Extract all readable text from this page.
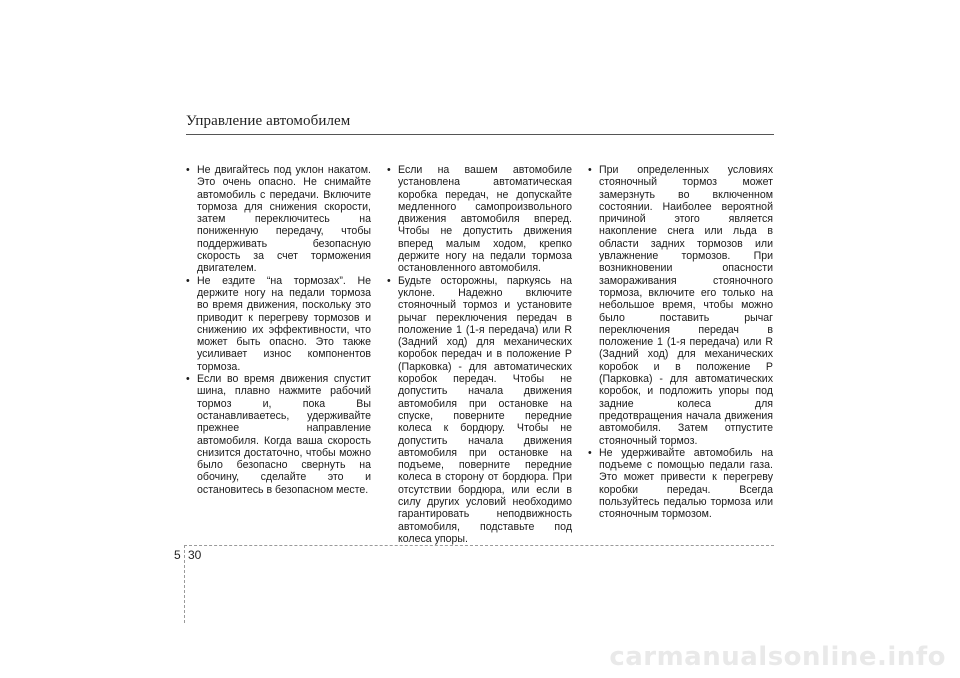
Управление автомобилем
• Не двигайтесь под уклон накатом. Это очень опасно. Не снимайте автомобиль с передачи. Включите тормоза для снижения скорости, затем переключитесь на пониженную передачу, чтобы поддерживать безопасную скорость за счет торможения двигателем.
• Не ездите “на тормозах”. Не держите ногу на педали тормоза во время движения, поскольку это приводит к перегреву тормозов и снижению их эффективности, что может быть опасно. Это также усиливает износ компонентов тормоза.
• Если во время движения спустит шина, плавно нажмите рабочий тормоз и, пока Вы останавливаетесь, удерживайте прежнее направление автомобиля. Когда ваша скорость снизится достаточно, чтобы можно было безопасно свернуть на обочину, сделайте это и остановитесь в безопасном месте.
• Если на вашем автомобиле установлена автоматическая коробка передач, не допускайте медленного самопроизвольного движения автомобиля вперед. Чтобы не допустить движения вперед малым ходом, крепко держите ногу на педали тормоза остановленного автомобиля.
• Будьте осторожны, паркуясь на уклоне. Надежно включите стояночный тормоз и установите рычаг переключения передач в положение 1 (1-я передача) или R (Задний ход) для механических коробок передач и в положение P (Парковка) - для автоматических коробок передач. Чтобы не допустить начала движения автомобиля при остановке на спуске, поверните передние колеса к бордюру. Чтобы не допустить начала движения автомобиля при остановке на подъеме, поверните передние колеса в сторону от бордюра. При отсутствии бордюра, или если в силу других условий необходимо гарантировать неподвижность автомобиля, подставьте под колеса упоры.
• При определенных условиях стояночный тормоз может замерзнуть во включенном состоянии. Наиболее вероятной причиной этого является накопление снега или льда в области задних тормозов или увлажнение тормозов. При возникновении опасности замораживания стояночного тормоза, включите его только на небольшое время, чтобы можно было поставить рычаг переключения передач в положение 1 (1-я передача) или R (Задний ход) для механических коробок и в положение P (Парковка) - для автоматических коробок, и подложить упоры под задние колеса для предотвращения начала движения автомобиля. Затем отпустите стояночный тормоз.
• Не удерживайте автомобиль на подъеме с помощью педали газа. Это может привести к перегреву коробки передач. Всегда пользуйтесь педалью тормоза или стояночным тормозом.
5 30
carmanualsonline.info
